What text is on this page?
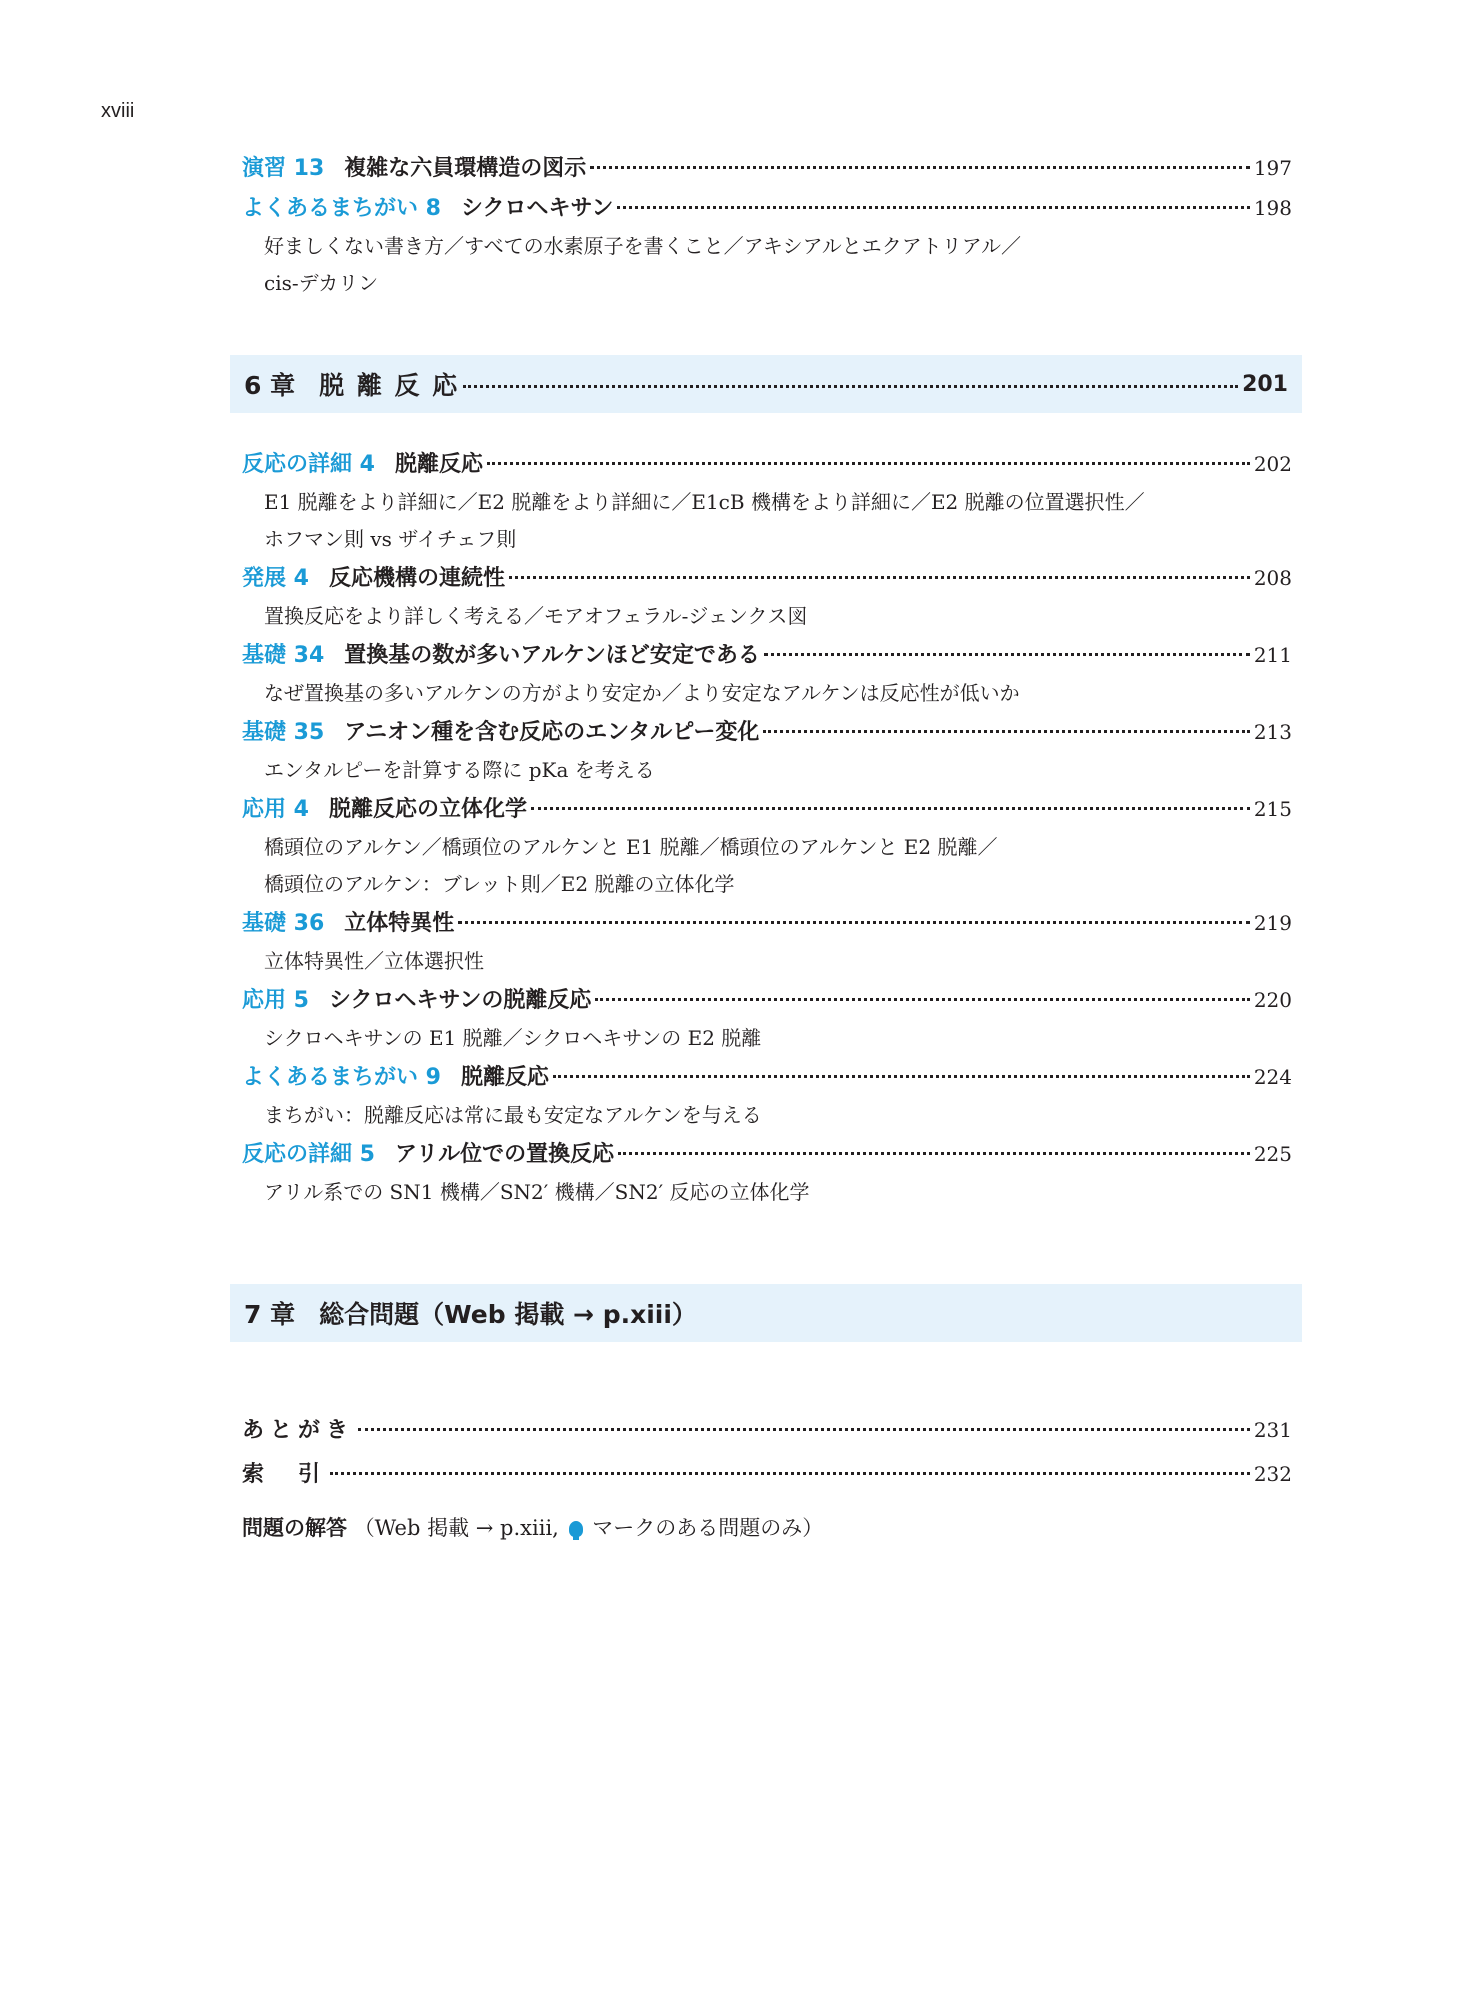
xviii
演習 13 複雑な六員環構造の図示	197
よくあるまちがい 8 シクロヘキサン	198
好ましくない書き方／すべての水素原子を書くこと／アキシアルとエクアトリアル／
cis-デカリン
6 章 脱 離 反 応	201
反応の詳細 4 脱離反応	202
E1 脱離をより詳細に／E2 脱離をより詳細に／E1cB 機構をより詳細に／E2 脱離の位置選択性／
ホフマン則 vs ザイチェフ則
発展 4 反応機構の連続性	208
置換反応をより詳しく考える／モアオフェラル-ジェンクス図
基礎 34 置換基の数が多いアルケンほど安定である	211
なぜ置換基の多いアルケンの方がより安定か／より安定なアルケンは反応性が低いか
基礎 35 アニオン種を含む反応のエンタルピー変化	213
エンタルピーを計算する際に pKa を考える
応用 4 脱離反応の立体化学	215
橋頭位のアルケン／橋頭位のアルケンと E1 脱離／橋頭位のアルケンと E2 脱離／
橋頭位のアルケン：ブレット則／E2 脱離の立体化学
基礎 36 立体特異性	219
立体特異性／立体選択性
応用 5 シクロヘキサンの脱離反応	220
シクロヘキサンの E1 脱離／シクロヘキサンの E2 脱離
よくあるまちがい 9 脱離反応	224
まちがい：脱離反応は常に最も安定なアルケンを与える
反応の詳細 5 アリル位での置換反応	225
アリル系での SN1 機構／SN2′ 機構／SN2′ 反応の立体化学
7 章 総合問題（Web 掲載 → p.xiii）
あとがき	231
索　引	232
問題の解答 （Web 掲載 → p.xiii, マークのある問題のみ）
